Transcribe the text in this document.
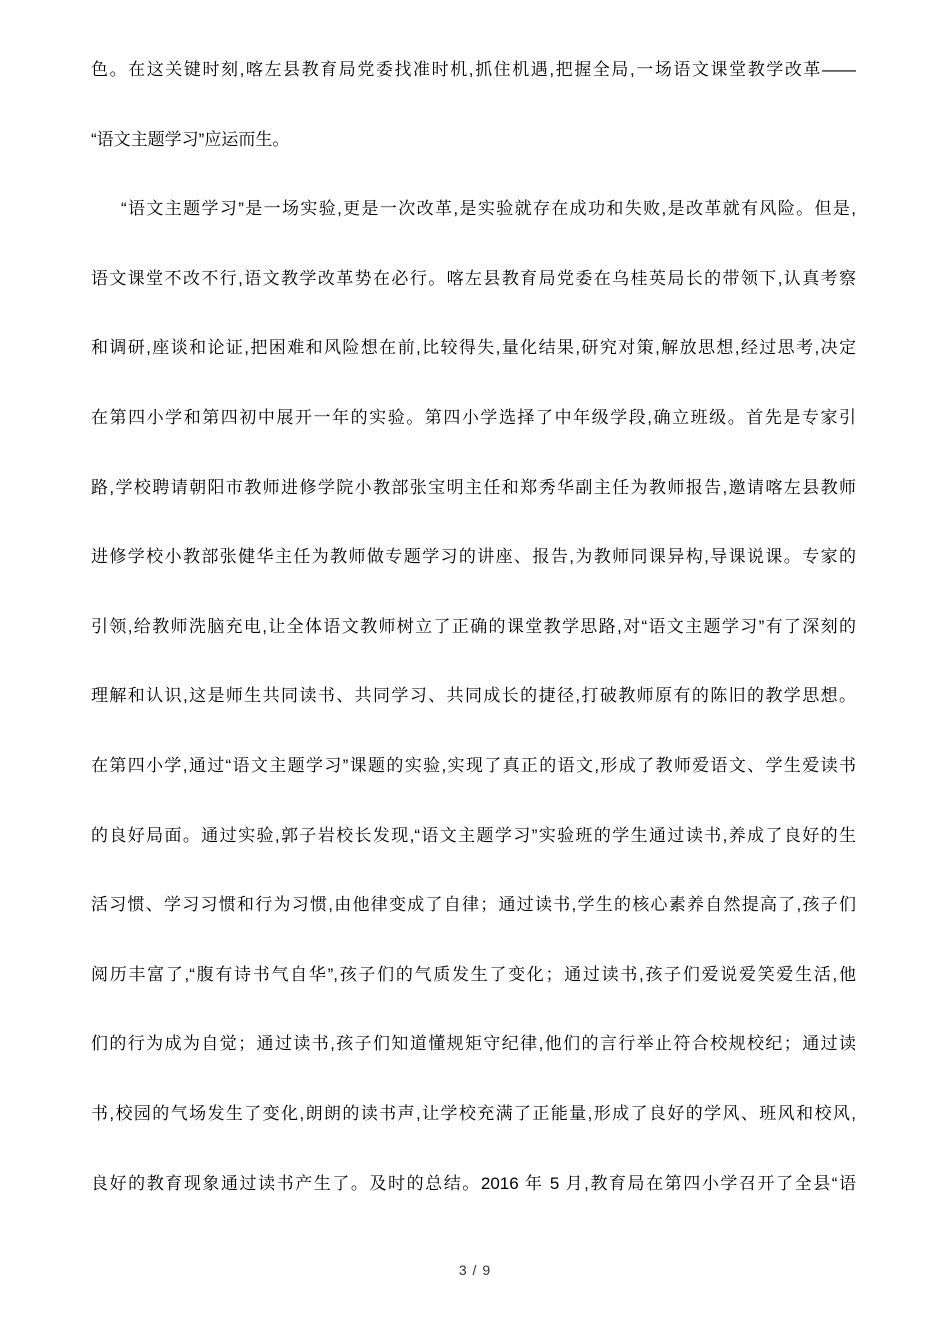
色。在这关键时刻,喀左县教育局党委找准时机,抓住机遇,把握全局,一场语文课堂教学改革——
“语文主题学习”应运而生。
“语文主题学习”是一场实验,更是一次改革,是实验就存在成功和失败,是改革就有风险。但是,
语文课堂不改不行,语文教学改革势在必行。喀左县教育局党委在乌桂英局长的带领下,认真考察
和调研,座谈和论证,把困难和风险想在前,比较得失,量化结果,研究对策,解放思想,经过思考,决定
在第四小学和第四初中展开一年的实验。第四小学选择了中年级学段,确立班级。首先是专家引
路,学校聘请朝阳市教师进修学院小教部张宝明主任和郑秀华副主任为教师报告,邀请喀左县教师
进修学校小教部张健华主任为教师做专题学习的讲座、报告,为教师同课异构,导课说课。专家的
引领,给教师洗脑充电,让全体语文教师树立了正确的课堂教学思路,对“语文主题学习”有了深刻的
理解和认识,这是师生共同读书、共同学习、共同成长的捷径,打破教师原有的陈旧的教学思想。
在第四小学,通过“语文主题学习”课题的实验,实现了真正的语文,形成了教师爱语文、学生爱读书
的良好局面。通过实验,郭子岩校长发现,“语文主题学习”实验班的学生通过读书,养成了良好的生
活习惯、学习习惯和行为习惯,由他律变成了自律；通过读书,学生的核心素养自然提高了,孩子们
阅历丰富了,“腹有诗书气自华”,孩子们的气质发生了变化；通过读书,孩子们爱说爱笑爱生活,他
们的行为成为自觉；通过读书,孩子们知道懂规矩守纪律,他们的言行举止符合校规校纪；通过读
书,校园的气场发生了变化,朗朗的读书声,让学校充满了正能量,形成了良好的学风、班风和校风,
良好的教育现象通过读书产生了。及时的总结。2016 年 5 月,教育局在第四小学召开了全县“语
3 / 9
